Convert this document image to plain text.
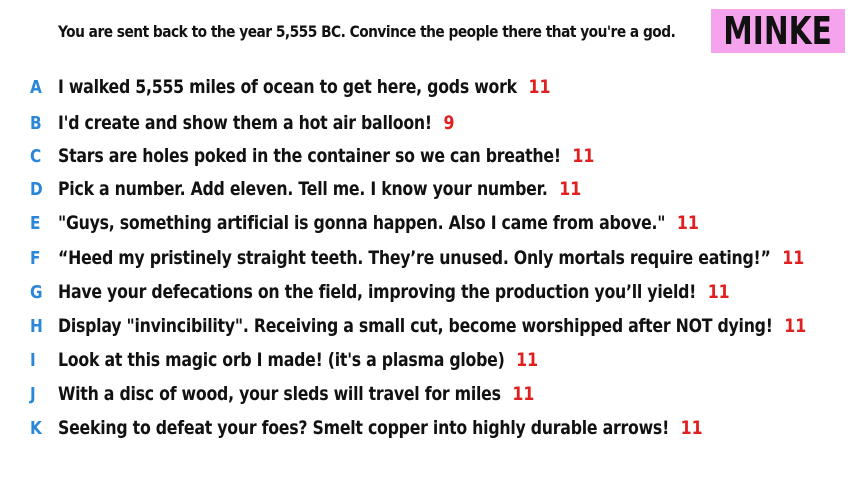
You are sent back to the year 5,555 BC. Convince the people there that you're a god. MINKE
A I walked 5,555 miles of ocean to get here, gods work 11
B I'd create and show them a hot air balloon! 9
C Stars are holes poked in the container so we can breathe! 11
D Pick a number. Add eleven. Tell me. I know your number. 11
E "Guys, something artificial is gonna happen. Also I came from above." 11
F “Heed my pristinely straight teeth. They’re unused. Only mortals require eating!” 11
G Have your defecations on the field, improving the production you’ll yield! 11
H Display "invincibility". Receiving a small cut, become worshipped after NOT dying! 11
I Look at this magic orb I made! (it's a plasma globe) 11
J With a disc of wood, your sleds will travel for miles 11
K Seeking to defeat your foes? Smelt copper into highly durable arrows! 11
